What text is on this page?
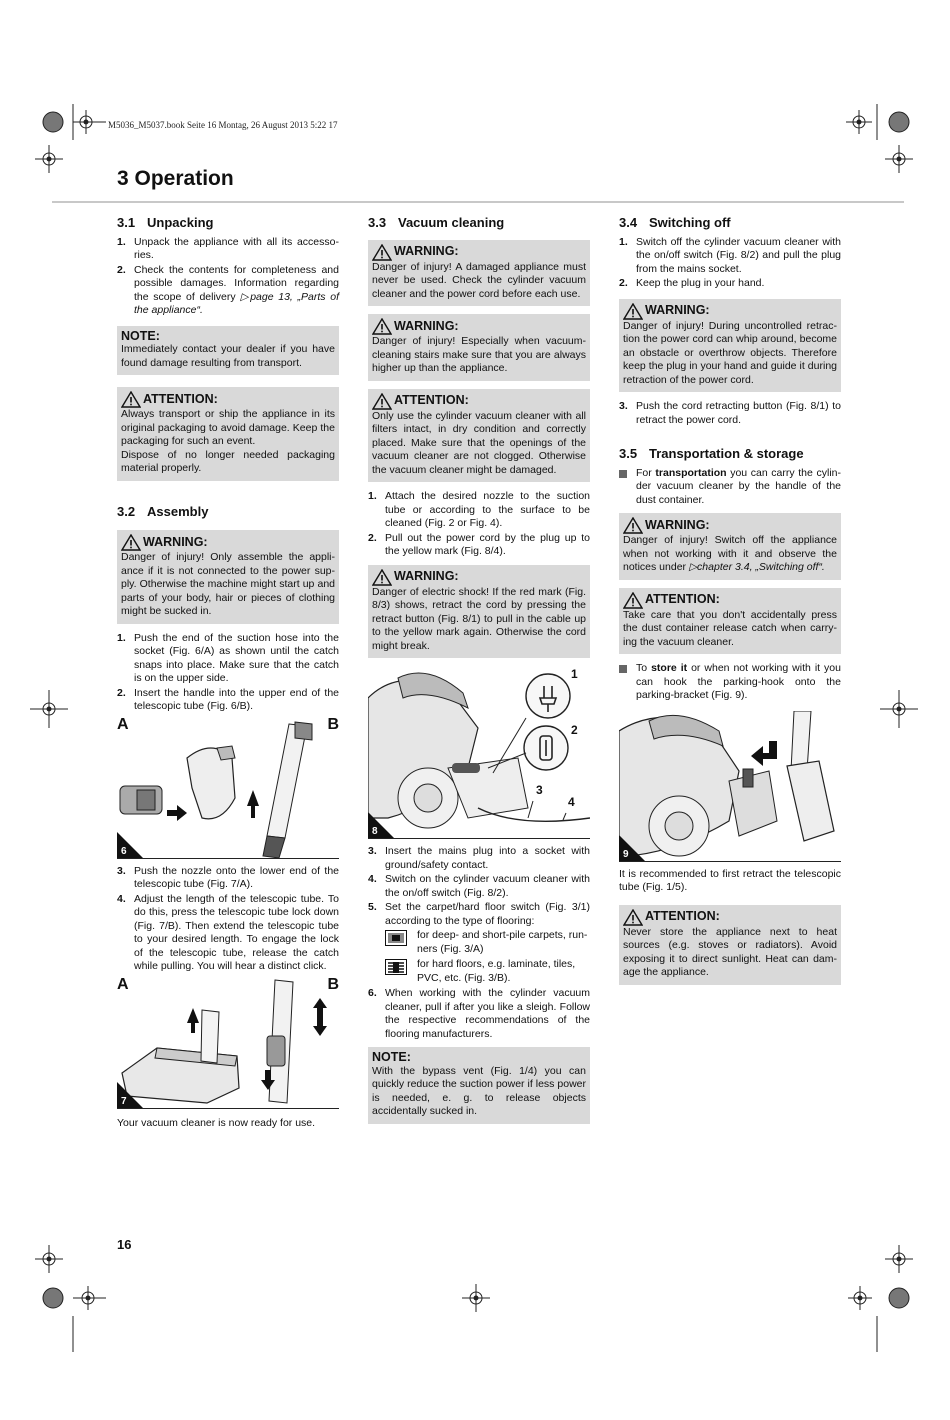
M5036_M5037.book Seite 16 Montag, 26 August 2013 5:22 17
3 Operation
3.1 Unpacking
1. Unpack the appliance with all its accesso-ries.
2. Check the contents for completeness and possible damages. Information regarding the scope of delivery ▷page 13, „Parts of the appliance“.
NOTE:

Immediately contact your dealer if you have found damage resulting from transport.

ATTENTION:

Always transport or ship the appliance in its original packaging to avoid damage. Keep the packaging for such an event.

Dispose of no longer needed packaging material properly.

3.2 Assembly
WARNING:

Danger of injury! Only assemble the appli-ance if it is not connected to the power sup-ply. Otherwise the machine might start up and parts of your body, hair or pieces of clothing might be sucked in.

1. Push the end of the suction hose into the socket (Fig. 6/A) as shown until the catch snaps into place. Make sure that the catch is on the upper side.
2. Insert the handle into the upper end of the telescopic tube (Fig. 6/B).
A	B
6
3. Push the nozzle onto the lower end of the telescopic tube (Fig. 7/A).
4. Adjust the length of the telescopic tube. To do this, press the telescopic tube lock down (Fig. 7/B). Then extend the telescopic tube to your desired length. To engage the lock of the telescopic tube, release the catch while pulling. You will hear a distinct click.
A	B
7
Your vacuum cleaner is now ready for use.
3.3 Vacuum cleaning
WARNING:

Danger of injury! A damaged appliance must never be used. Check the cylinder vacuum cleaner and the power cord before each use.

WARNING:

Danger of injury! Especially when vacuum-cleaning stairs make sure that you are always higher up than the appliance.

ATTENTION:

Only use the cylinder vacuum cleaner with all filters intact, in dry condition and correctly placed. Make sure that the openings of the vacuum cleaner are not clogged. Otherwise the vacuum cleaner might be damaged.

1. Attach the desired nozzle to the suction tube or according to the surface to be cleaned (Fig. 2 or Fig. 4).
2. Pull out the power cord by the plug up to the yellow mark (Fig. 8/4).
WARNING:

Danger of electric shock! If the red mark (Fig. 8/3) shows, retract the cord by pressing the retract button (Fig. 8/1) to pull in the cable up to the yellow mark again. Otherwise the cord might break.

1
2
3
4
8
3. Insert the mains plug into a socket with ground/safety contact.
4. Switch on the cylinder vacuum cleaner with the on/off switch (Fig. 8/2).
5. Set the carpet/hard floor switch (Fig. 3/1) according to the type of flooring:
for deep- and short-pile carpets, run-ners (Fig. 3/A)
for hard floors, e.g. laminate, tiles, PVC, etc. (Fig. 3/B).
6. When working with the cylinder vacuum cleaner, pull if after you like a sleigh. Follow the respective recommendations of the flooring manufacturers.
NOTE:

With the bypass vent (Fig. 1/4) you can quickly reduce the suction power if less power is needed, e. g. to release objects accidentally sucked in.

3.4 Switching off
1. Switch off the cylinder vacuum cleaner with the on/off switch (Fig. 8/2) and pull the plug from the mains socket.
2. Keep the plug in your hand.
WARNING:

Danger of injury! During uncontrolled retrac-tion the power cord can whip around, become an obstacle or overthrow objects. Therefore keep the plug in your hand and guide it during retraction of the power cord.

3. Push the cord retracting button (Fig. 8/1) to retract the power cord.
3.5 Transportation & storage
For transportation you can carry the cylin-der vacuum cleaner by the handle of the dust container.
WARNING:

Danger of injury! Switch off the appliance when not working with it and observe the notices under ▷chapter 3.4, „Switching off“.

ATTENTION:

Take care that you don't accidentally press the dust container release catch when carry-ing the vacuum cleaner.

To store it or when not working with it you can hook the parking-hook onto the parking-bracket (Fig. 9).
9
It is recommended to first retract the telescopic tube (Fig. 1/5).
ATTENTION:

Never store the appliance next to heat sources (e.g. stoves or radiators). Avoid exposing it to direct sunlight. Heat can dam-age the appliance.

16
